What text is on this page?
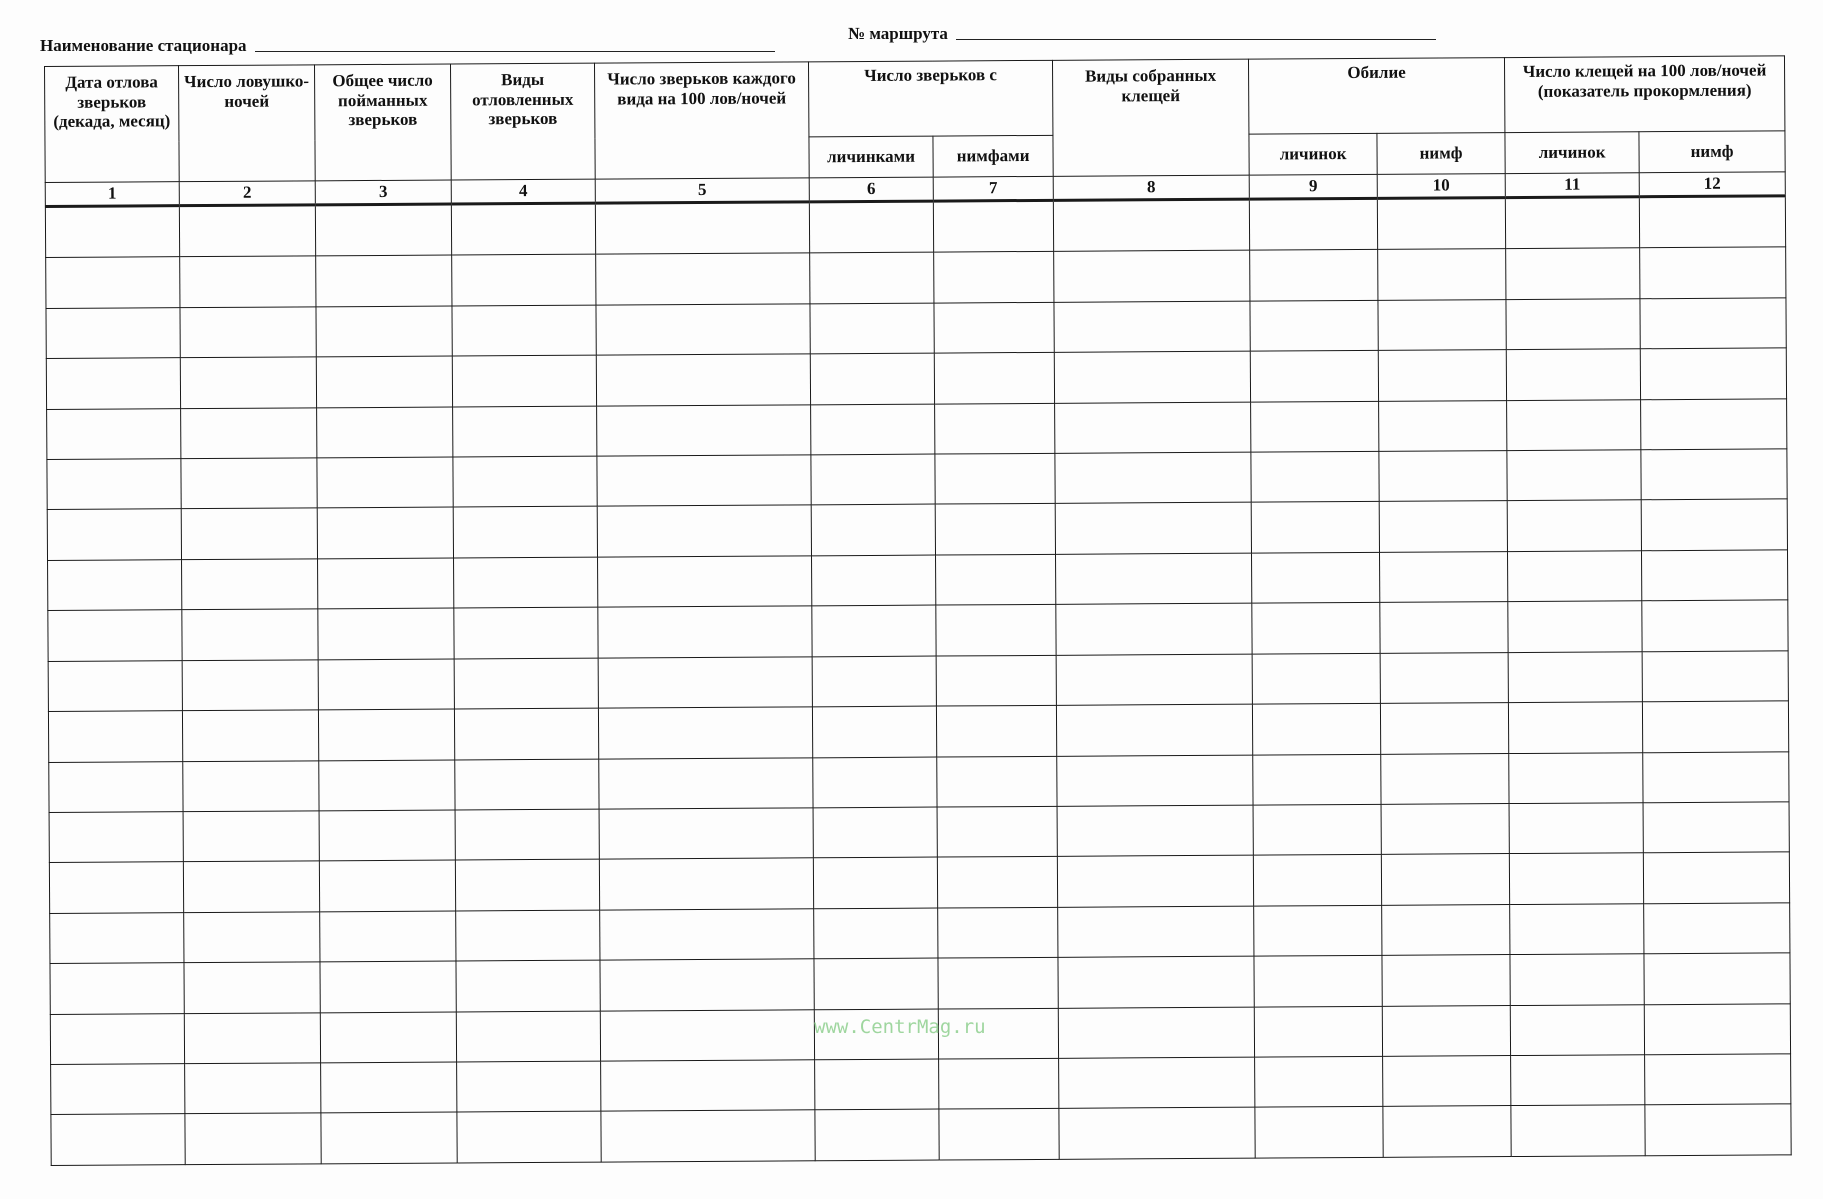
Наименование стационара
№ маршрута
Дата отлова зверьков (декада, месяц)	Число ловушко-ночей	Общее число пойманных зверьков	Виды отловленных зверьков	Число зверьков каждого вида на 100 лов/ночей	Число зверьков с		Виды собранных клещей	Обилие		Число клещей на 100 лов/ночей (показатель прокормления)	
					личинками	нимфами		личинок	нимф	личинок	нимф
1	2	3	4	5	6	7	8	9	10	11	12

www.CentrMag.ru
